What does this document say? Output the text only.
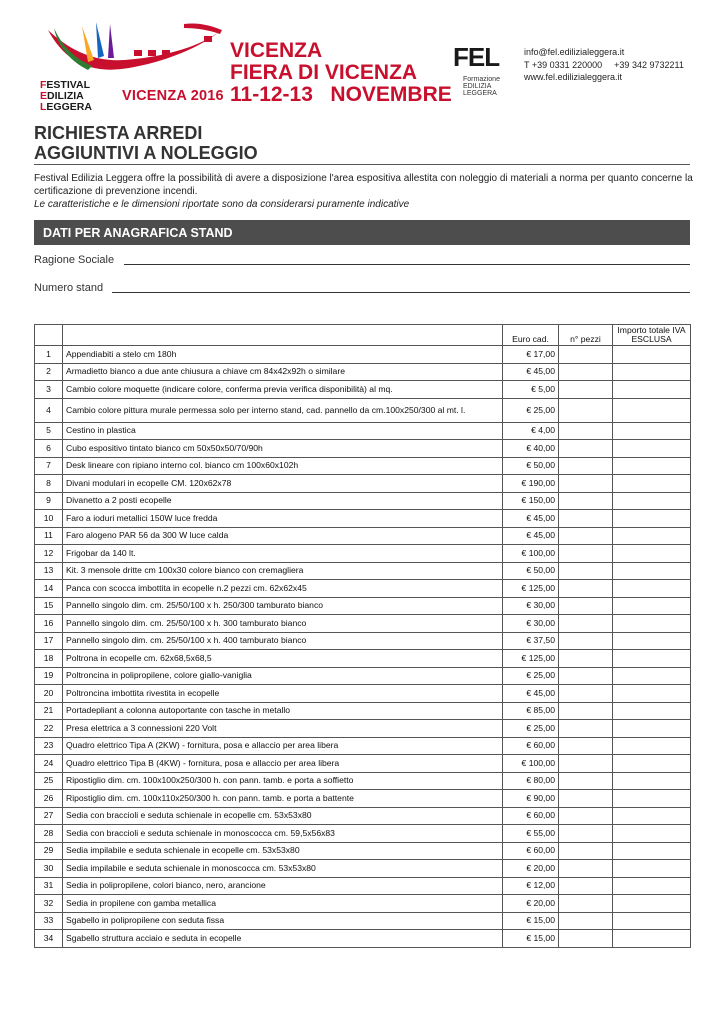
FESTIVAL
EDILIZIA
LEGGERA
VICENZA 2016
VICENZA
FIERA DI VICENZA
11-12-13   NOVEMBRE
FEL
Formazione
EDILIZIA
LEGGERA
info@fel.edilizialeggera.it
T +39 0331 220000 +39 342 9732211
www.fel.edilizialeggera.it
RICHIESTA ARREDI
AGGIUNTIVI A NOLEGGIO
Festival Edilizia Leggera offre la possibilità di avere a disposizione l'area espositiva allestita con noleggio di materiali a norma per quanto concerne la certificazione di prevenzione incendi.
Le caratteristiche e le dimensioni riportate sono da considerarsi puramente indicative
DATI PER ANAGRAFICA STAND
Ragione Sociale
Numero stand
		Euro cad.	n° pezzi	Importo totale IVA ESCLUSA
1	Appendiabiti a stelo cm 180h	€ 17,00		
2	Armadietto bianco a due ante chiusura a chiave cm 84x42x92h o similare	€ 45,00		
3	Cambio colore moquette (indicare colore, conferma previa verifica disponibilità) al mq.	€ 5,00		
4	Cambio colore pittura murale permessa solo per interno stand, cad. pannello da cm.100x250/300 al mt. l.	€ 25,00		
5	Cestino in plastica	€ 4,00		
6	Cubo espositivo tintato bianco cm 50x50x50/70/90h	€ 40,00		
7	Desk lineare con ripiano interno col. bianco cm 100x60x102h	€ 50,00		
8	Divani modulari in ecopelle CM. 120x62x78	€ 190,00		
9	Divanetto a 2 posti ecopelle	€ 150,00		
10	Faro a ioduri metallici 150W luce fredda	€ 45,00		
11	Faro alogeno PAR 56 da 300 W luce calda	€ 45,00		
12	Frigobar da 140 lt.	€ 100,00		
13	Kit. 3 mensole dritte cm 100x30 colore bianco con cremagliera	€ 50,00		
14	Panca con scocca imbottita in ecopelle n.2 pezzi cm. 62x62x45	€ 125,00		
15	Pannello singolo dim. cm. 25/50/100 x h. 250/300 tamburato bianco	€ 30,00		
16	Pannello singolo dim. cm. 25/50/100 x h. 300 tamburato bianco	€ 30,00		
17	Pannello singolo dim. cm. 25/50/100 x h. 400 tamburato bianco	€ 37,50		
18	Poltrona in ecopelle cm. 62x68,5x68,5	€ 125,00		
19	Poltroncina in polipropilene, colore giallo-vaniglia	€ 25,00		
20	Poltroncina imbottita rivestita in ecopelle	€ 45,00		
21	Portadepliant a colonna autoportante con tasche in metallo	€ 85,00		
22	Presa elettrica a 3 connessioni 220 Volt	€ 25,00		
23	Quadro elettrico Tipa A (2KW) - fornitura, posa e allaccio per area libera	€ 60,00		
24	Quadro elettrico Tipa B (4KW) - fornitura, posa e allaccio per area libera	€ 100,00		
25	Ripostiglio dim. cm. 100x100x250/300 h. con pann. tamb. e porta a soffietto	€ 80,00		
26	Ripostiglio dim. cm. 100x110x250/300 h. con pann. tamb. e porta a battente	€ 90,00		
27	Sedia con braccioli e seduta schienale in ecopelle cm. 53x53x80	€ 60,00		
28	Sedia con braccioli e seduta schienale in monoscocca cm. 59,5x56x83	€ 55,00		
29	Sedia impilabile e seduta schienale in ecopelle cm. 53x53x80	€ 60,00		
30	Sedia impilabile e seduta schienale in monoscocca cm. 53x53x80	€ 20,00		
31	Sedia in polipropilene, colori bianco, nero, arancione	€ 12,00		
32	Sedia in propilene con gamba metallica	€ 20,00		
33	Sgabello in polipropilene con seduta fissa	€ 15,00		
34	Sgabello struttura acciaio e seduta in ecopelle	€ 15,00		
